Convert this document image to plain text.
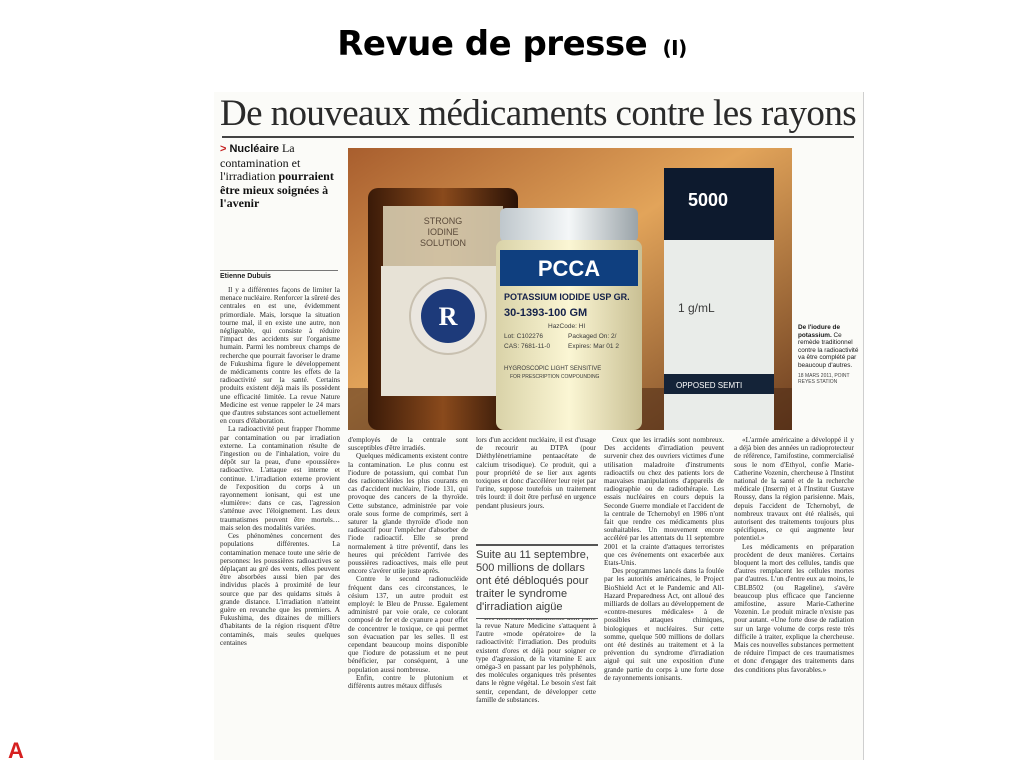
Revue de presse (I)
De nouveaux médicaments contre les rayons
> Nucléaire La contamination et l'irradiation pourraient être mieux soignées à l'avenir
Etienne Dubuis

Il y a différentes façons de limiter la menace nucléaire. Renforcer la sûreté des centrales en est une, évidemment primordiale. Mais, lorsque la situation tourne mal, il en existe une autre, non négligeable, qui consiste à réduire l'impact des accidents sur l'organisme humain. Parmi les nombreux champs de recherche que pourrait favoriser le drame de Fukushima figure le développement de médicaments contre les effets de la radioactivité sur la santé. Certains produits existent déjà mais ils possèdent une efficacité limitée. La revue Nature Medicine est venue rappeler le 24 mars que d'autres substances sont actuellement en cours d'élaboration.

La radioactivité peut frapper l'homme par contamination ou par irradiation externe. La contamination résulte de l'ingestion ou de l'inhalation, voire du dépôt sur la peau, d'une «poussière» radioactive. L'attaque est interne et continue. L'irradiation externe provient de l'exposition du corps à un rayonnement ionisant, qui est une «lumière»: dans ce cas, l'agression s'atténue avec l'éloignement. Les deux traumatismes peuvent être mortels… mais selon des modalités variées.

Ces phénomènes concernent des populations différentes. La contamination menace toute une série de personnes: les poussières radioactives se déplaçant au gré des vents, elles peuvent être absorbées aussi bien par des individus placés à proximité de leur source que par des quidams situés à grande distance. L'irradiation n'atteint guère en revanche que les premiers. A Fukushima, des dizaines de milliers d'habitants de la région risquent d'être contaminés, mais seules quelques centaines

STRONG IODINE SOLUTION
R
5000
1 g/mL
OPPOSED SEMTI
PCCA
POTASSIUM IODIDE USP GR.
30-1393-100 GM
HazCode: HI
Lot: C102276	Packaged On: 2/
CAS: 7681-11-0	Expires: Mar 01 2
HYGROSCOPIC LIGHT SENSITIVE
FOR PRESCRIPTION COMPOUNDING
De l'iodure de potassium. Ce remède traditionnel contre la radioactivité va être complété par beaucoup d'autres.
18 MARS 2011, POINT REYES STATION

d'employés de la centrale sont susceptibles d'être irradiés.

Quelques médicaments existent contre la contamination. Le plus connu est l'iodure de potassium, qui combat l'un des radionucléides les plus courants en cas d'accident nucléaire, l'iode 131, qui provoque des cancers de la thyroïde. Cette substance, administrée par voie orale sous forme de comprimés, sert à saturer la glande thyroïde d'iode non radioactif pour l'empêcher d'absorber de l'iode radioactif. Elle se prend normalement à titre préventif, dans les heures qui précèdent l'arrivée des poussières radioactives, mais elle peut encore s'avérer utile juste après.

Contre le second radionucléide fréquent dans ces circonstances, le césium 137, un autre produit est employé: le Bleu de Prusse. Egalement administré par voie orale, ce colorant composé de fer et de cyanure a pour effet de concentrer le toxique, ce qui permet son évacuation par les selles. Il est cependant beaucoup moins disponible que l'iodure de potassium et ne peut bénéficier, par conséquent, à une population aussi nombreuse.

Enfin, contre le plutonium et différents autres métaux diffusés

lors d'un accident nucléaire, il est d'usage de recourir au DTPA (pour Diéthylènetriamine pentaacétate de calcium trisodique). Ce produit, qui a pour propriété de se lier aux agents toxiques et donc d'accélérer leur rejet par l'urine, suppose toutefois un traitement très lourd: il doit être perfusé en urgence pendant plusieurs jours.

la revue Nature Medicine s'attaquent à l'autre «mode opératoire» de la radioactivité: l'irradiation. Des produits existent d'ores et déjà pour soigner ce type d'agression, de la vitamine E aux oméga-3 en passant par les polyphénols, des molécules organiques très présentes dans le règne végétal. Le besoin s'est fait sentir, cependant, de développer cette famille de substances.

Suite au 11 septembre, 500 millions de dollars ont été débloqués pour traiter le syndrome d'irradiation aigüe

Ceux que les irradiés sont nombreux. Des accidents d'irradiation peuvent survenir chez des ouvriers victimes d'une utilisation maladroite d'instruments radioactifs ou chez des patients lors de mauvaises manipulations d'appareils de radiographie ou de radiothérapie. Les essais nucléaires en cours depuis la Seconde Guerre mondiale et l'accident de la centrale de Tchernobyl en 1986 n'ont fait que rendre ces médicaments plus souhaitables. Un mouvement encore accéléré par les attentats du 11 septembre 2001 et la crainte d'attaques terroristes que ces événements ont exacerbée aux Etats-Unis.

Des programmes lancés dans la foulée par les autorités américaines, le Project BioShield Act et le Pandemic and All-Hazard Preparedness Act, ont alloué des milliards de dollars au développement de «contre-mesures médicales» à de possibles attaques chimiques, biologiques et nucléaires. Sur cette somme, quelque 500 millions de dollars ont été destinés au traitement et à la prévention du syndrome d'irradiation aiguë qui suit une exposition d'une grande partie du corps à une forte dose de rayonnements ionisants.

«L'armée américaine a développé il y a déjà bien des années un radioprotecteur de référence, l'amifostine, commercialisé sous le nom d'Ethyol, confie Marie-Catherine Vozenin, chercheuse à l'Institut national de la santé et de la recherche médicale (Inserm) et à l'Institut Gustave Roussy, dans la région parisienne. Mais, depuis l'accident de Tchernobyl, de nombreux travaux ont été réalisés, qui autorisent des traitements toujours plus spécifiques, ce qui augmente leur potentiel.»

Les médicaments en préparation procèdent de deux manières. Certains bloquent la mort des cellules, tandis que d'autres remplacent les cellules mortes par d'autres. L'un d'entre eux au moins, le CBLB502 (ou Rageline), s'avère beaucoup plus efficace que l'ancienne amifostine, assure Marie-Catherine Vozenin. Le produit miracle n'existe pas pour autant. «Une forte dose de radiation sur un large volume de corps reste très difficile à traiter, explique la chercheuse. Mais ces nouvelles substances permettent de réduire l'impact de ces traumatismes et donc d'engager des traitements dans des conditions plus favorables.»

A
